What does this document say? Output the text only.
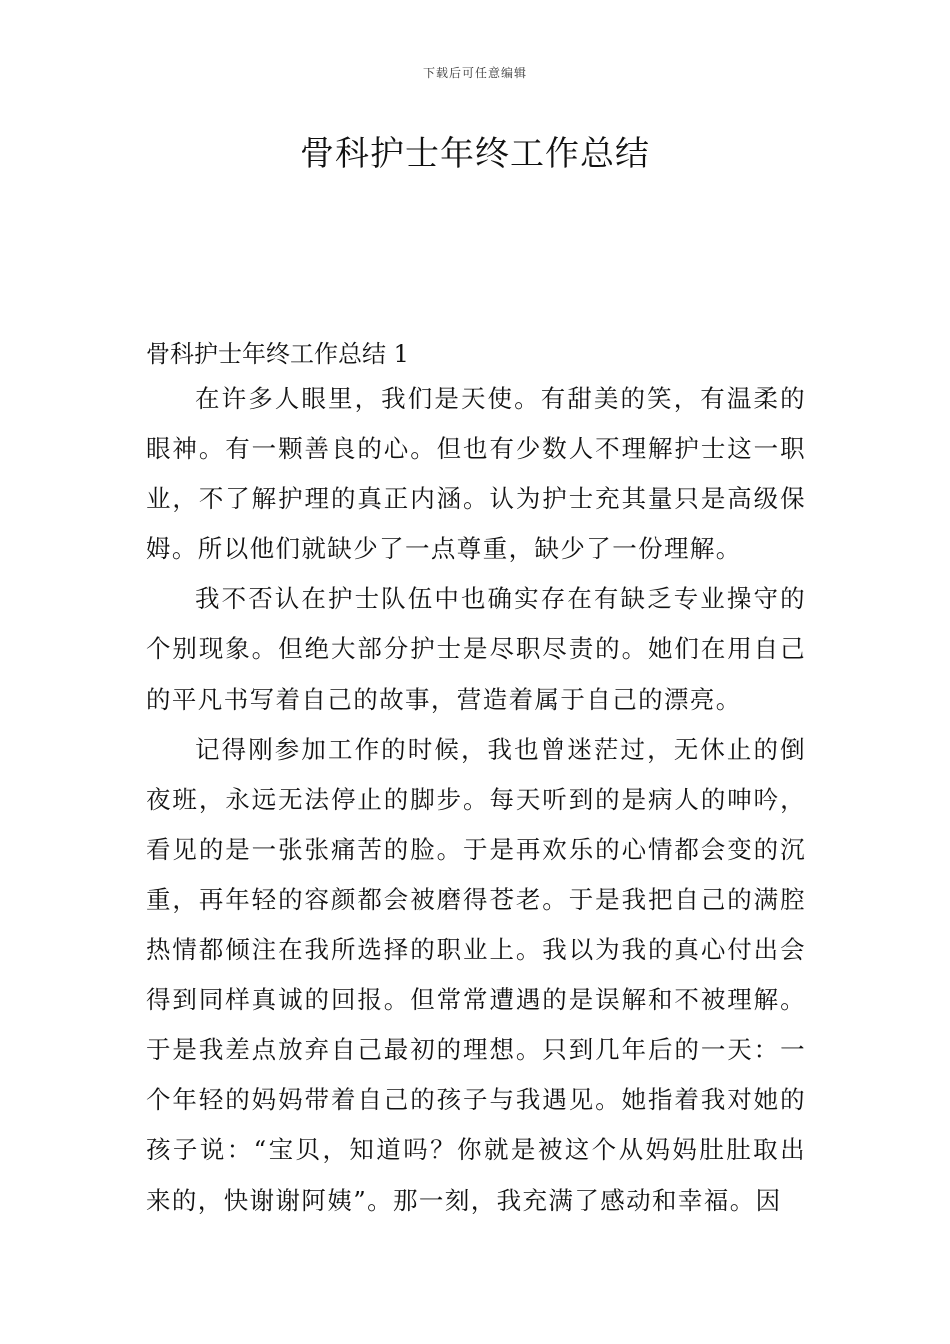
下载后可任意编辑
骨科护士年终工作总结
骨科护士年终工作总结 1

在许多人眼里，我们是天使。有甜美的笑，有温柔的眼神。有一颗善良的心。但也有少数人不理解护士这一职业，不了解护理的真正内涵。认为护士充其量只是高级保姆。所以他们就缺少了一点尊重，缺少了一份理解。

我不否认在护士队伍中也确实存在有缺乏专业操守的个别现象。但绝大部分护士是尽职尽责的。她们在用自己的平凡书写着自己的故事，营造着属于自己的漂亮。

记得刚参加工作的时候，我也曾迷茫过，无休止的倒夜班，永远无法停止的脚步。每天听到的是病人的呻吟，看见的是一张张痛苦的脸。于是再欢乐的心情都会变的沉重，再年轻的容颜都会被磨得苍老。于是我把自己的满腔热情都倾注在我所选择的职业上。我以为我的真心付出会得到同样真诚的回报。但常常遭遇的是误解和不被理解。于是我差点放弃自己最初的理想。只到几年后的一天：一个年轻的妈妈带着自己的孩子与我遇见。她指着我对她的孩子说：“宝贝，知道吗？你就是被这个从妈妈肚肚取出来的，快谢谢阿姨”。那一刻，我充满了感动和幸福。因
